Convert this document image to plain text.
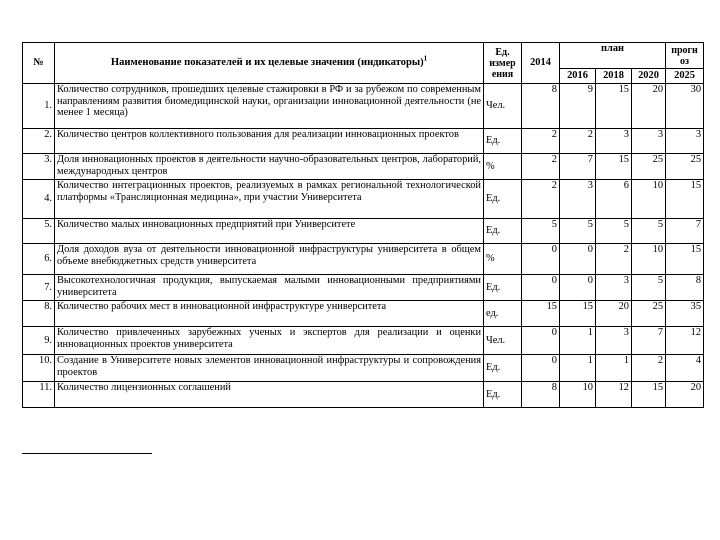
№	Наименование показателей и их целевые значения (индикаторы)$^1$	Ед. измер ения	2014	план			прогн оз
				2016	2018	2020	2025
1.	Количество сотрудников, прошедших целевые стажировки в РФ и за рубежом по современным направлениям развития биомедицинской науки, организации инновационной деятельности (не менее 1 месяца)	Чел.	8	9	15	20	30
2.	Количество центров коллективного пользования для реализации инновационных проектов	Ед.	2	2	3	3	3
3.	Доля инновационных проектов в деятельности научно-образовательных центров, лабораторий, международных центров	%	2	7	15	25	25
4.	Количество интеграционных проектов, реализуемых в рамках региональной технологической платформы «Трансляционная медицина», при участии Университета	Ед.	2	3	6	10	15
5.	Количество малых инновационных предприятий при Университете	Ед.	5	5	5	5	7
6.	Доля доходов вуза от деятельности инновационной инфраструктуры университета в общем объеме внебюджетных средств университета	%	0	0	2	10	15
7.	Высокотехнологичная продукция, выпускаемая малыми инновационными предприятиями университета	Ед.	0	0	3	5	8
8.	Количество рабочих мест в инновационной инфраструктуре университета	ед.	15	15	20	25	35
9.	Количество привлеченных зарубежных ученых и экспертов для реализации и оценки инновационных проектов университета	Чел.	0	1	3	7	12
10.	Создание в Университете новых элементов инновационной инфраструктуры и сопровождения проектов	Ед.	0	1	1	2	4
11.	Количество лицензионных соглашений	Ед.	8	10	12	15	20
